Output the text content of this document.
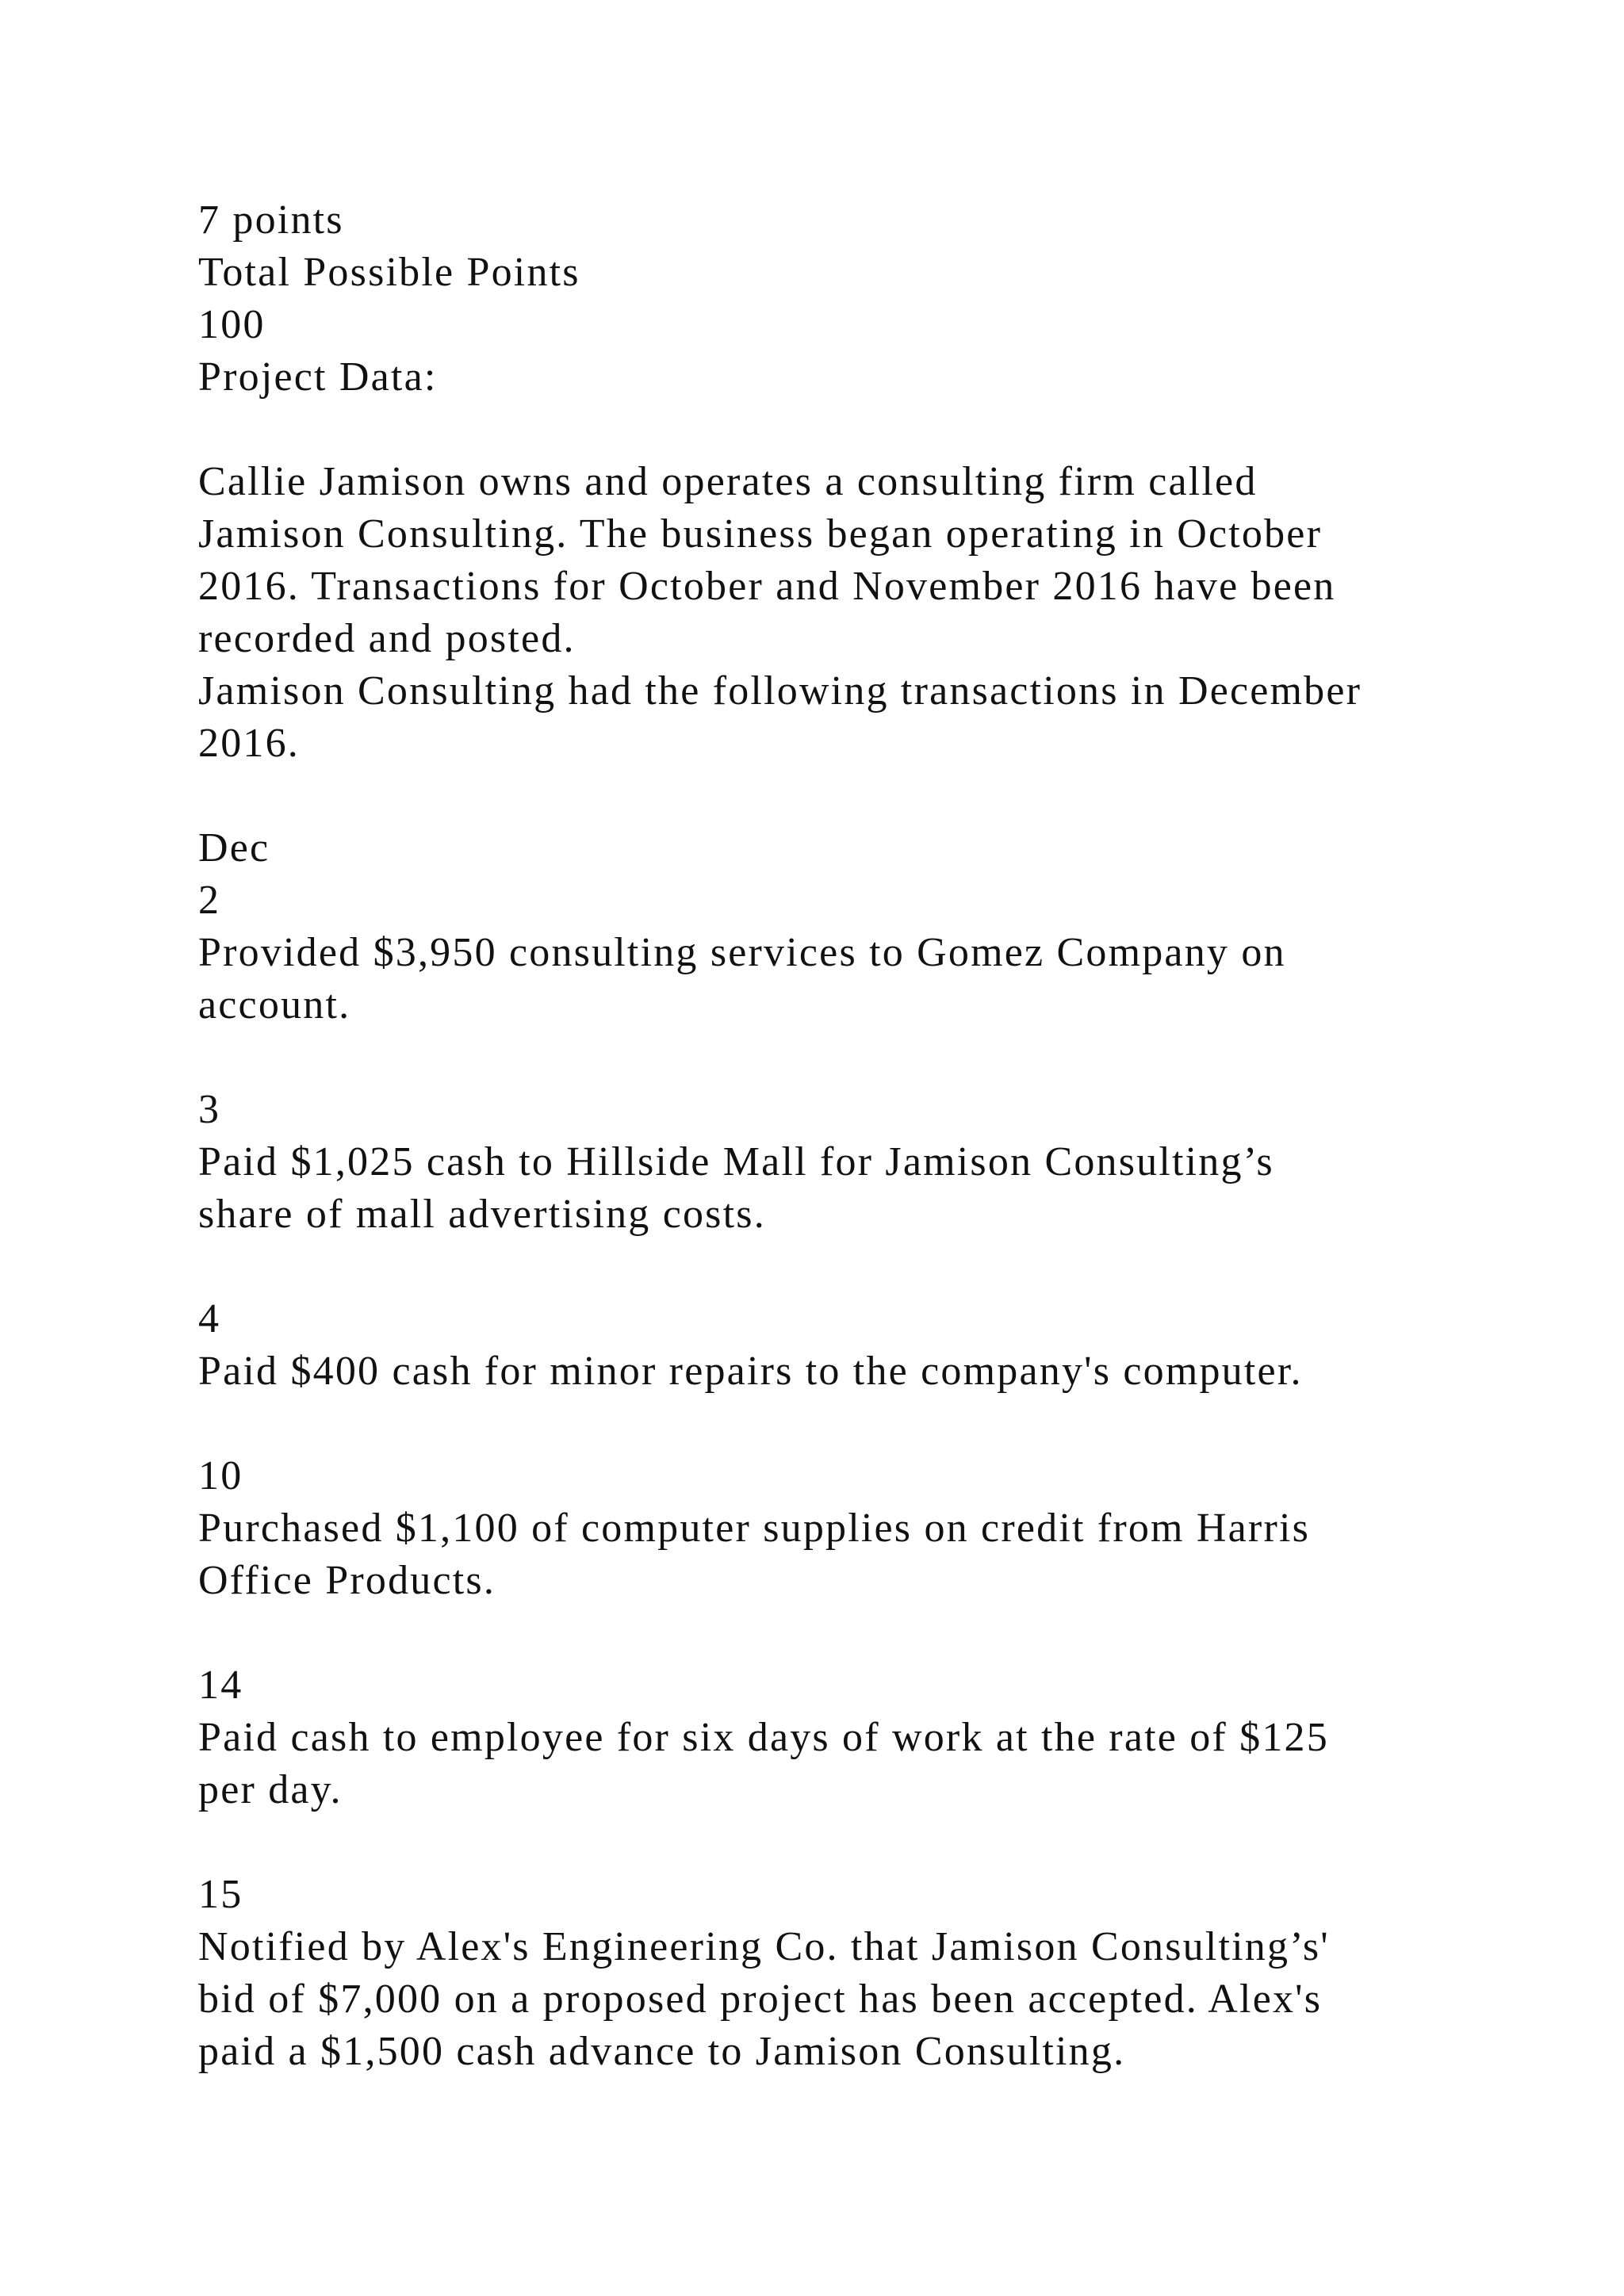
7 points
Total Possible Points
100
Project Data:
Callie Jamison owns and operates a consulting firm called
Jamison Consulting. The business began operating in October
2016. Transactions for October and November 2016 have been
recorded and posted.
Jamison Consulting had the following transactions in December
2016.
Dec
2
Provided $3,950 consulting services to Gomez Company on
account.
3
Paid $1,025 cash to Hillside Mall for Jamison Consulting’s
share of mall advertising costs.
4
Paid $400 cash for minor repairs to the company's computer.
10
Purchased $1,100 of computer supplies on credit from Harris
Office Products.
14
Paid cash to employee for six days of work at the rate of $125
per day.
15
Notified by Alex's Engineering Co. that Jamison Consulting’s'
bid of $7,000 on a proposed project has been accepted. Alex's
paid a $1,500 cash advance to Jamison Consulting.
